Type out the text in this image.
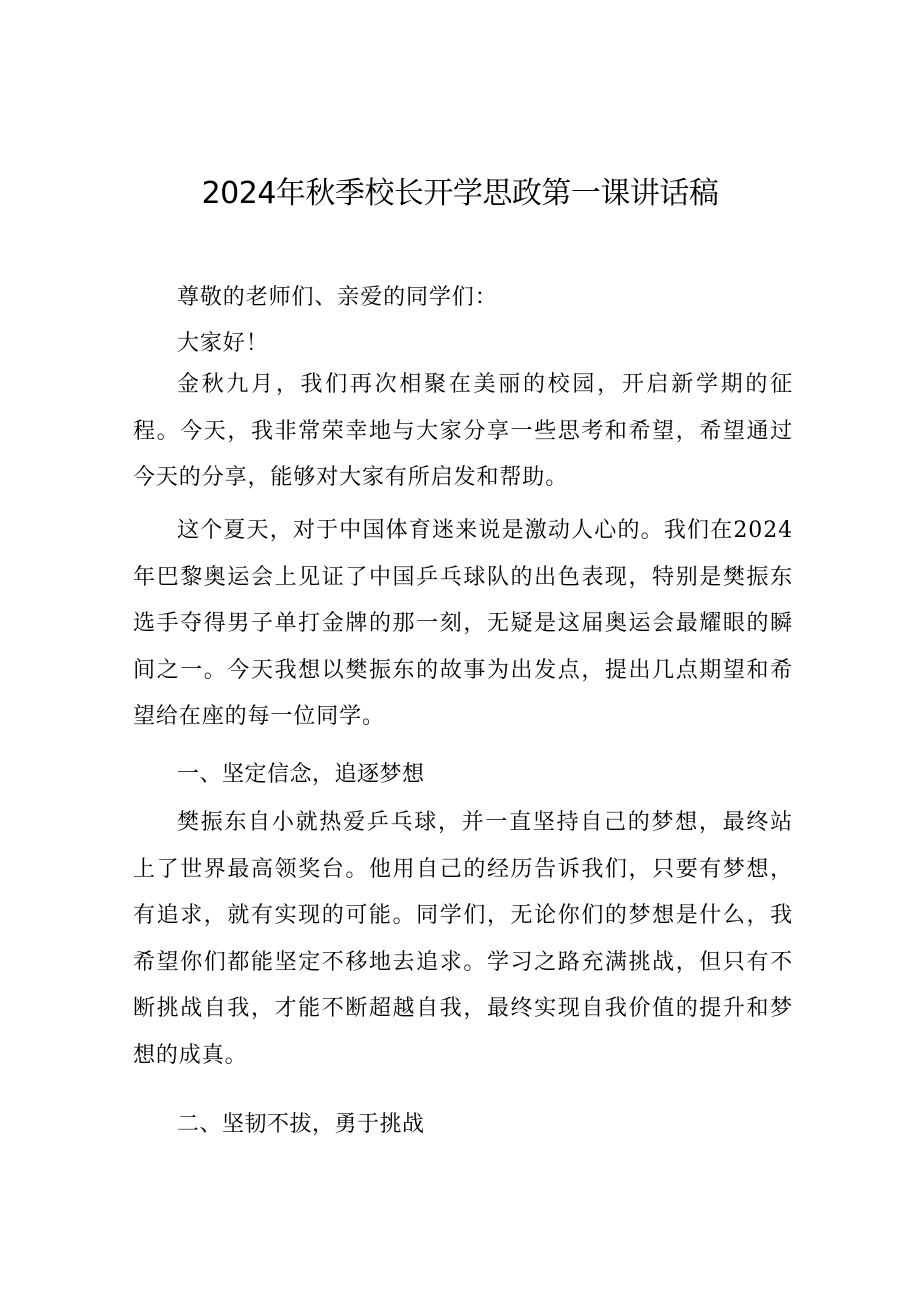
2024年秋季校长开学思政第一课讲话稿

尊敬的老师们、亲爱的同学们：

大家好！

金秋九月，我们再次相聚在美丽的校园，开启新学期的征程。今天，我非常荣幸地与大家分享一些思考和希望，希望通过今天的分享，能够对大家有所启发和帮助。

这个夏天，对于中国体育迷来说是激动人心的。我们在2024年巴黎奥运会上见证了中国乒乓球队的出色表现，特别是樊振东选手夺得男子单打金牌的那一刻，无疑是这届奥运会最耀眼的瞬间之一。今天我想以樊振东的故事为出发点，提出几点期望和希望给在座的每一位同学。

一、坚定信念，追逐梦想

樊振东自小就热爱乒乓球，并一直坚持自己的梦想，最终站上了世界最高领奖台。他用自己的经历告诉我们，只要有梦想，有追求，就有实现的可能。同学们，无论你们的梦想是什么，我希望你们都能坚定不移地去追求。学习之路充满挑战，但只有不断挑战自我，才能不断超越自我，最终实现自我价值的提升和梦想的成真。

二、坚韧不拔，勇于挑战
